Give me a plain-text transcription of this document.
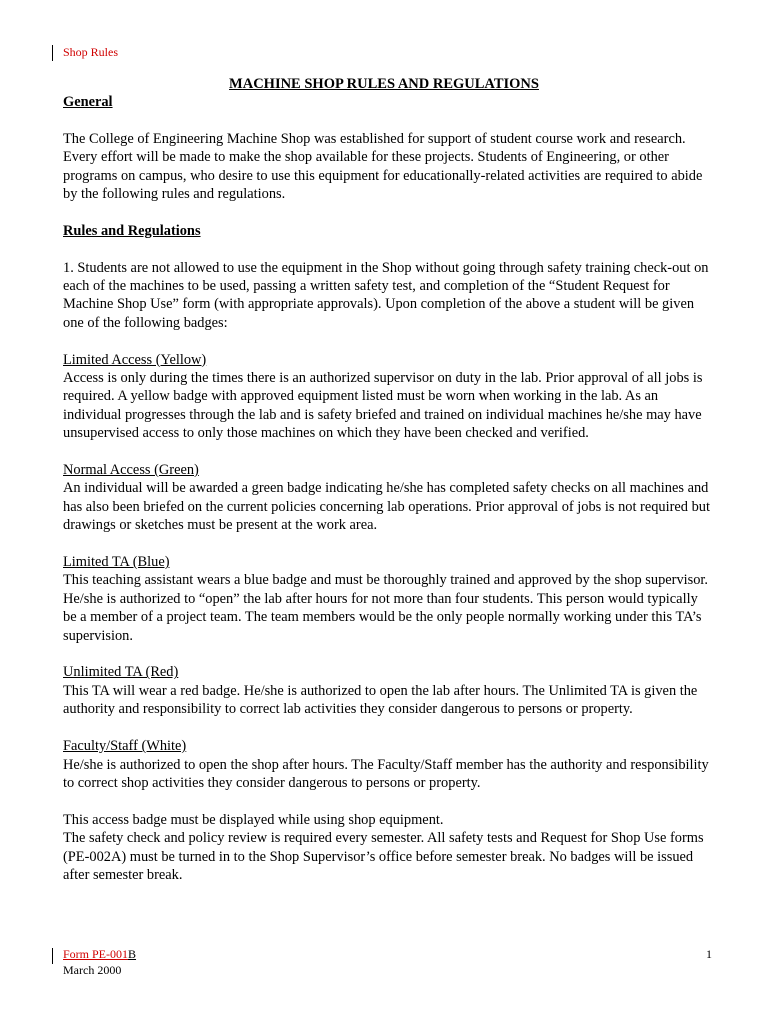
Shop Rules
MACHINE SHOP RULES AND REGULATIONS

General

The College of Engineering Machine Shop was established for support of student course work and research. Every effort will be made to make the shop available for these projects. Students of Engineering, or other programs on campus, who desire to use this equipment for educationally-related activities are required to abide by the following rules and regulations.

Rules and Regulations

1. Students are not allowed to use the equipment in the Shop without going through safety training check-out on each of the machines to be used, passing a written safety test, and completion of the “Student Request for Machine Shop Use” form (with appropriate approvals). Upon completion of the above a student will be given one of the following badges:

Limited Access (Yellow)

Access is only during the times there is an authorized supervisor on duty in the lab. Prior approval of all jobs is required. A yellow badge with approved equipment listed must be worn when working in the lab. As an individual progresses through the lab and is safety briefed and trained on individual machines he/she may have unsupervised access to only those machines on which they have been checked and verified.

Normal Access (Green)

An individual will be awarded a green badge indicating he/she has completed safety checks on all machines and has also been briefed on the current policies concerning lab operations. Prior approval of jobs is not required but drawings or sketches must be present at the work area.

Limited TA (Blue)

This teaching assistant wears a blue badge and must be thoroughly trained and approved by the shop supervisor. He/she is authorized to “open” the lab after hours for not more than four students. This person would typically be a member of a project team. The team members would be the only people normally working under this TA’s supervision.

Unlimited TA (Red)

This TA will wear a red badge. He/she is authorized to open the lab after hours. The Unlimited TA is given the authority and responsibility to correct lab activities they consider dangerous to persons or property.

Faculty/Staff (White)

He/she is authorized to open the shop after hours. The Faculty/Staff member has the authority and responsibility to correct shop activities they consider dangerous to persons or property.

This access badge must be displayed while using shop equipment.

The safety check and policy review is required every semester. All safety tests and Request for Shop Use forms (PE-002A) must be turned in to the Shop Supervisor’s office before semester break. No badges will be issued after semester break.

Form PE-001B
March 2000
1
